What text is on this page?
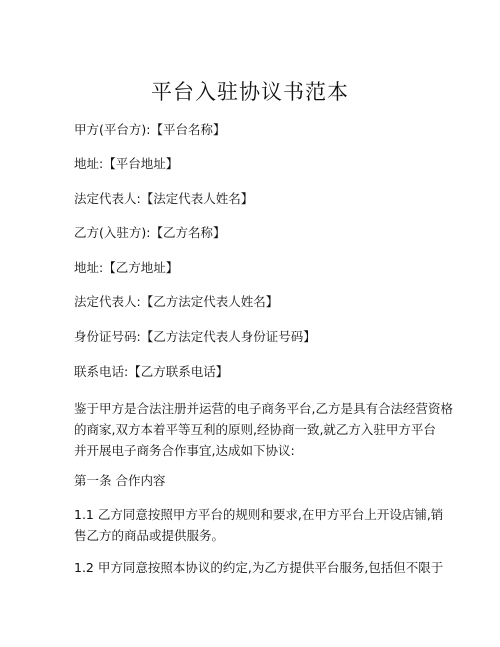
平台入驻协议书范本
甲方(平台方):【平台名称】
地址:【平台地址】
法定代表人:【法定代表人姓名】
乙方(入驻方):【乙方名称】
地址:【乙方地址】
法定代表人:【乙方法定代表人姓名】
身份证号码:【乙方法定代表人身份证号码】
联系电话:【乙方联系电话】
鉴于甲方是合法注册并运营的电子商务平台,乙方是具有合法经营资格
的商家,双方本着平等互利的原则,经协商一致,就乙方入驻甲方平台
并开展电子商务合作事宜,达成如下协议:
第一条 合作内容
1.1 乙方同意按照甲方平台的规则和要求,在甲方平台上开设店铺,销
售乙方的商品或提供服务。
1.2 甲方同意按照本协议的约定,为乙方提供平台服务,包括但不限于
